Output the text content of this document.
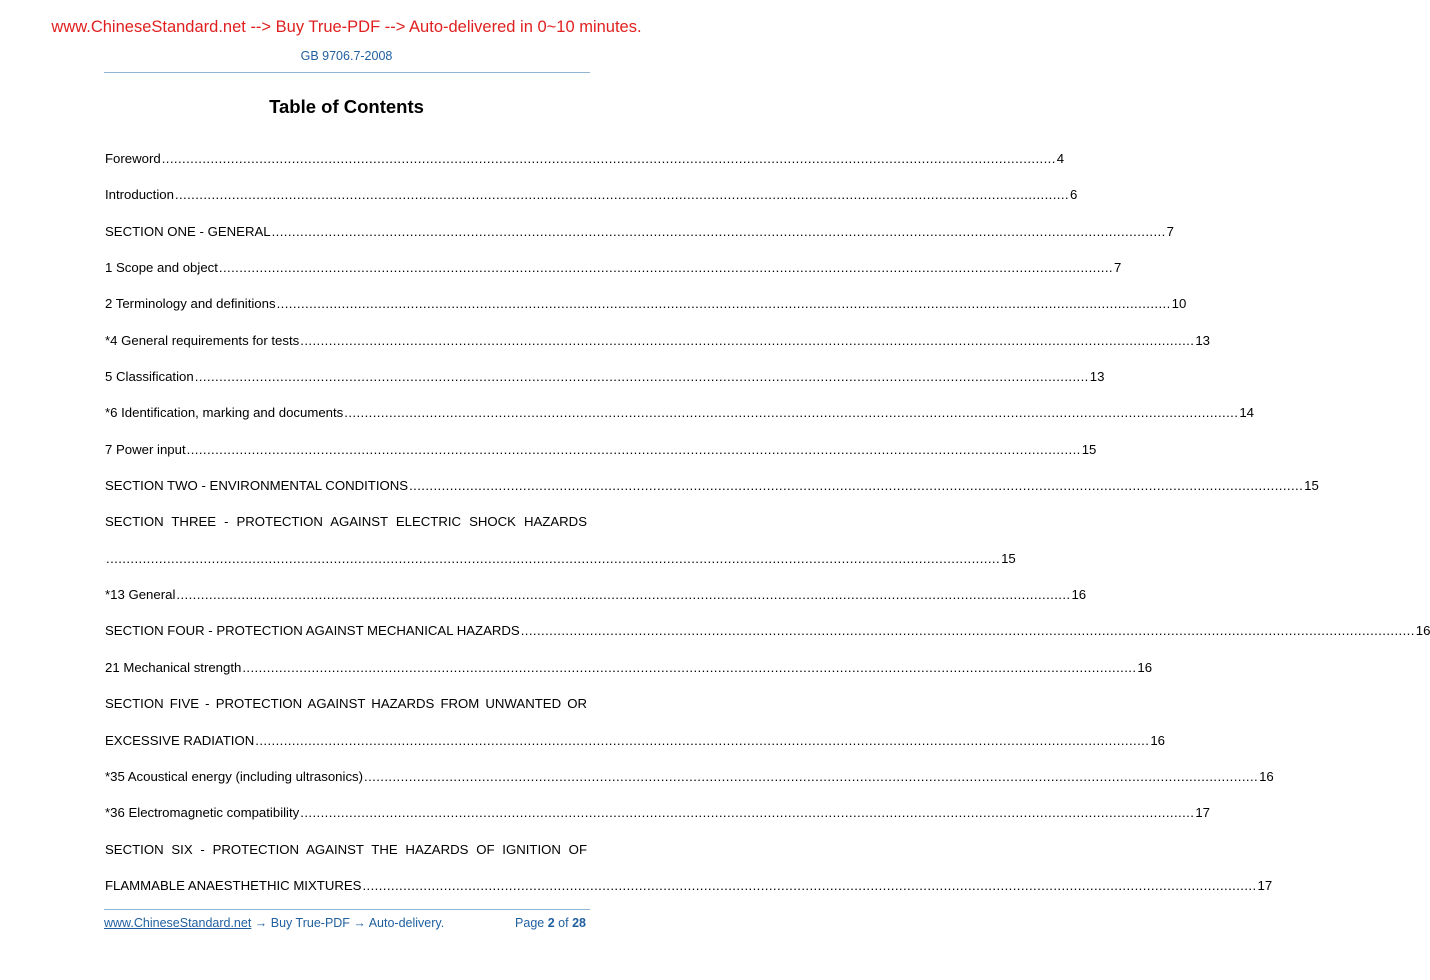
www.ChineseStandard.net --> Buy True-PDF --> Auto-delivered in 0~10 minutes.
GB 9706.7-2008
Table of Contents
Foreword ............................................................................................................................................................................................................................ 4
Introduction ............................................................................................................................................................................................................................ 6
SECTION ONE - GENERAL ............................................................................................................................................................................................................................ 7
1 Scope and object ............................................................................................................................................................................................................................ 7
2 Terminology and definitions ............................................................................................................................................................................................................................ 10
*4 General requirements for tests ............................................................................................................................................................................................................................ 13
5 Classification ............................................................................................................................................................................................................................ 13
*6 Identification, marking and documents ............................................................................................................................................................................................................................ 14
7 Power input ............................................................................................................................................................................................................................ 15
SECTION TWO - ENVIRONMENTAL CONDITIONS ............................................................................................................................................................................................................................ 15
SECTION THREE - PROTECTION AGAINST ELECTRIC SHOCK HAZARDS
............................................................................................................................................................................................................................ 15
*13 General ............................................................................................................................................................................................................................ 16
SECTION FOUR - PROTECTION AGAINST MECHANICAL HAZARDS ............................................................................................................................................................................................................................ 16
21 Mechanical strength ............................................................................................................................................................................................................................ 16
SECTION FIVE - PROTECTION AGAINST HAZARDS FROM UNWANTED OR
EXCESSIVE RADIATION ............................................................................................................................................................................................................................ 16
*35 Acoustical energy (including ultrasonics) ............................................................................................................................................................................................................................ 16
*36 Electromagnetic compatibility ............................................................................................................................................................................................................................ 17
SECTION SIX - PROTECTION AGAINST THE HAZARDS OF IGNITION OF
FLAMMABLE ANAESTHETHIC MIXTURES ............................................................................................................................................................................................................................ 17
www.ChineseStandard.net → Buy True-PDF → Auto-delivery.	Page 2 of 28
